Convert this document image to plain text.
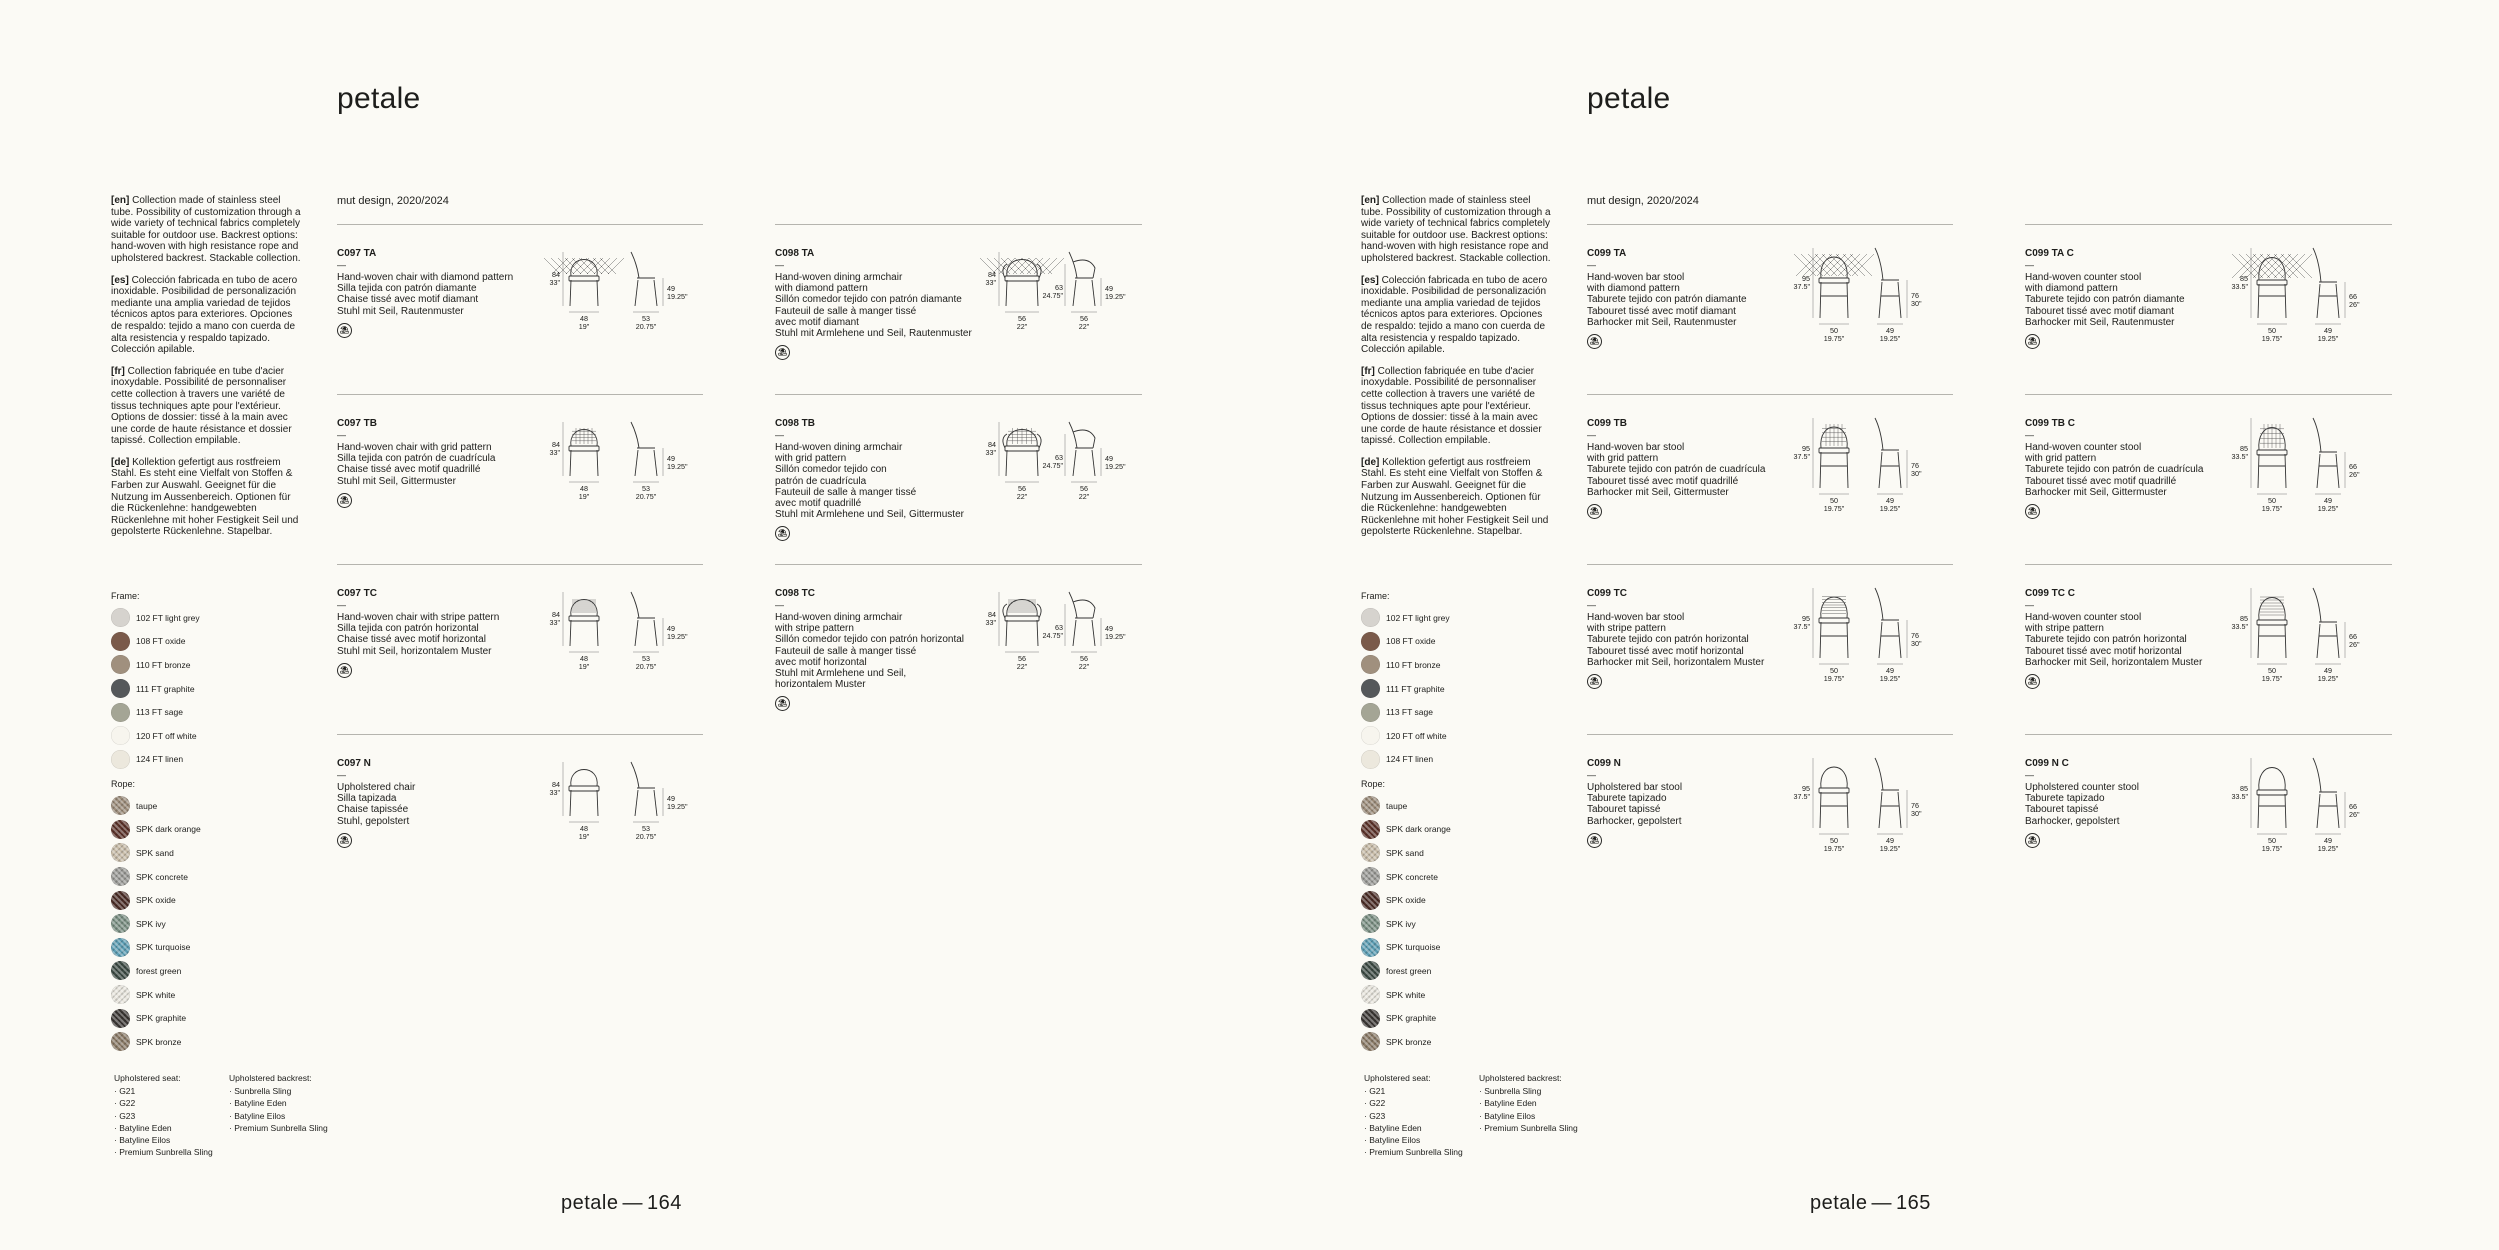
petale
mut design, 2020/2024

[en] Collection made of stainless steel tube. Possibility of customization through a wide variety of technical fabrics completely suitable for outdoor use. Backrest options: hand-woven with high resistance rope and upholstered backrest. Stackable collection.

[es] Colección fabricada en tubo de acero inoxidable. Posibilidad de personalización mediante una amplia variedad de tejidos técnicos aptos para exteriores. Opciones de respaldo: tejido a mano con cuerda de alta resistencia y respaldo tapizado. Colección apilable.

[fr] Collection fabriquée en tube d'acier inoxydable. Possibilité de personnaliser cette collection à travers une variété de tissus techniques apte pour l'extérieur. Options de dossier: tissé à la main avec une corde de haute résistance et dossier tapissé. Collection empilable.

[de] Kollektion gefertigt aus rostfreiem Stahl. Es steht eine Vielfalt von Stoffen & Farben zur Auswahl. Geeignet für die Nutzung im Aussenbereich. Optionen für die Rückenlehne: handgewebten Rückenlehne mit hoher Festigkeit Seil und gepolsterte Rückenlehne. Stapelbar.

Frame:
102 FT light grey
108 FT oxide
110 FT bronze
111 FT graphite
113 FT sage
120 FT off white
124 FT linen
Rope:
taupe
SPK dark orange
SPK sand
SPK concrete
SPK oxide
SPK ivy
SPK turquoise
forest green
SPK white
SPK graphite
SPK bronze
Upholstered seat:
· G21
· G22
· G23
· Batyline Eden
· Batyline Eilos
· Premium Sunbrella Sling
Upholstered backrest:
· Sunbrella Sling
· Batyline Eden
· Batyline Eilos
· Premium Sunbrella Sling
C097 TA
—
Hand-woven chair with diamond pattern
Silla tejida con patrón diamante
Chaise tissé avec motif diamant
Stuhl mit Seil, Rautenmuster
⛱
84
33"
48
19"
53
20.75"
49
19.25"
C098 TA
—
Hand-woven dining armchair
with diamond pattern
Sillón comedor tejido con patrón diamante
Fauteuil de salle à manger tissé
avec motif diamant
Stuhl mit Armlehene und Seil, Rautenmuster
⛱
84
33"
56
22"
56
22"
63
24.75"
49
19.25"
C097 TB
—
Hand-woven chair with grid pattern
Silla tejida con patrón de cuadrícula
Chaise tissé avec motif quadrillé
Stuhl mit Seil, Gittermuster
⛱
84
33"
48
19"
53
20.75"
49
19.25"
C098 TB
—
Hand-woven dining armchair
with grid pattern
Sillón comedor tejido con
patrón de cuadrícula
Fauteuil de salle à manger tissé
avec motif quadrillé
Stuhl mit Armlehene und Seil, Gittermuster
⛱
84
33"
56
22"
56
22"
63
24.75"
49
19.25"
C097 TC
—
Hand-woven chair with stripe pattern
Silla tejida con patrón horizontal
Chaise tissé avec motif horizontal
Stuhl mit Seil, horizontalem Muster
⛱
84
33"
48
19"
53
20.75"
49
19.25"
C098 TC
—
Hand-woven dining armchair
with stripe pattern
Sillón comedor tejido con patrón horizontal
Fauteuil de salle à manger tissé
avec motif horizontal
Stuhl mit Armlehene und Seil,
horizontalem Muster
⛱
84
33"
56
22"
56
22"
63
24.75"
49
19.25"
C097 N
—
Upholstered chair
Silla tapizada
Chaise tapissée
Stuhl, gepolstert
⛱
84
33"
48
19"
53
20.75"
49
19.25"
petale — 164
petale
mut design, 2020/2024

[en] Collection made of stainless steel tube. Possibility of customization through a wide variety of technical fabrics completely suitable for outdoor use. Backrest options: hand-woven with high resistance rope and upholstered backrest. Stackable collection.

[es] Colección fabricada en tubo de acero inoxidable. Posibilidad de personalización mediante una amplia variedad de tejidos técnicos aptos para exteriores. Opciones de respaldo: tejido a mano con cuerda de alta resistencia y respaldo tapizado. Colección apilable.

[fr] Collection fabriquée en tube d'acier inoxydable. Possibilité de personnaliser cette collection à travers une variété de tissus techniques apte pour l'extérieur. Options de dossier: tissé à la main avec une corde de haute résistance et dossier tapissé. Collection empilable.

[de] Kollektion gefertigt aus rostfreiem Stahl. Es steht eine Vielfalt von Stoffen & Farben zur Auswahl. Geeignet für die Nutzung im Aussenbereich. Optionen für die Rückenlehne: handgewebten Rückenlehne mit hoher Festigkeit Seil und gepolsterte Rückenlehne. Stapelbar.

Frame:
102 FT light grey
108 FT oxide
110 FT bronze
111 FT graphite
113 FT sage
120 FT off white
124 FT linen
Rope:
taupe
SPK dark orange
SPK sand
SPK concrete
SPK oxide
SPK ivy
SPK turquoise
forest green
SPK white
SPK graphite
SPK bronze
Upholstered seat:
· G21
· G22
· G23
· Batyline Eden
· Batyline Eilos
· Premium Sunbrella Sling
Upholstered backrest:
· Sunbrella Sling
· Batyline Eden
· Batyline Eilos
· Premium Sunbrella Sling
C099 TA
—
Hand-woven bar stool
with diamond pattern
Taburete tejido con patrón diamante
Tabouret tissé avec motif diamant
Barhocker mit Seil, Rautenmuster
⛱
95
37.5"
50
19.75"
49
19.25"
76
30"
C099 TA C
—
Hand-woven counter stool
with diamond pattern
Taburete tejido con patrón diamante
Tabouret tissé avec motif diamant
Barhocker mit Seil, Rautenmuster
⛱
85
33.5"
50
19.75"
49
19.25"
66
26"
C099 TB
—
Hand-woven bar stool
with grid pattern
Taburete tejido con patrón de cuadrícula
Tabouret tissé avec motif quadrillé
Barhocker mit Seil, Gittermuster
⛱
95
37.5"
50
19.75"
49
19.25"
76
30"
C099 TB C
—
Hand-woven counter stool
with grid pattern
Taburete tejido con patrón de cuadrícula
Tabouret tissé avec motif quadrillé
Barhocker mit Seil, Gittermuster
⛱
85
33.5"
50
19.75"
49
19.25"
66
26"
C099 TC
—
Hand-woven bar stool
with stripe pattern
Taburete tejido con patrón horizontal
Tabouret tissé avec motif horizontal
Barhocker mit Seil, horizontalem Muster
⛱
95
37.5"
50
19.75"
49
19.25"
76
30"
C099 TC C
—
Hand-woven counter stool
with stripe pattern
Taburete tejido con patrón horizontal
Tabouret tissé avec motif horizontal
Barhocker mit Seil, horizontalem Muster
⛱
85
33.5"
50
19.75"
49
19.25"
66
26"
C099 N
—
Upholstered bar stool
Taburete tapizado
Tabouret tapissé
Barhocker, gepolstert
⛱
95
37.5"
50
19.75"
49
19.25"
76
30"
C099 N C
—
Upholstered counter stool
Taburete tapizado
Tabouret tapissé
Barhocker, gepolstert
⛱
85
33.5"
50
19.75"
49
19.25"
66
26"
petale — 165
